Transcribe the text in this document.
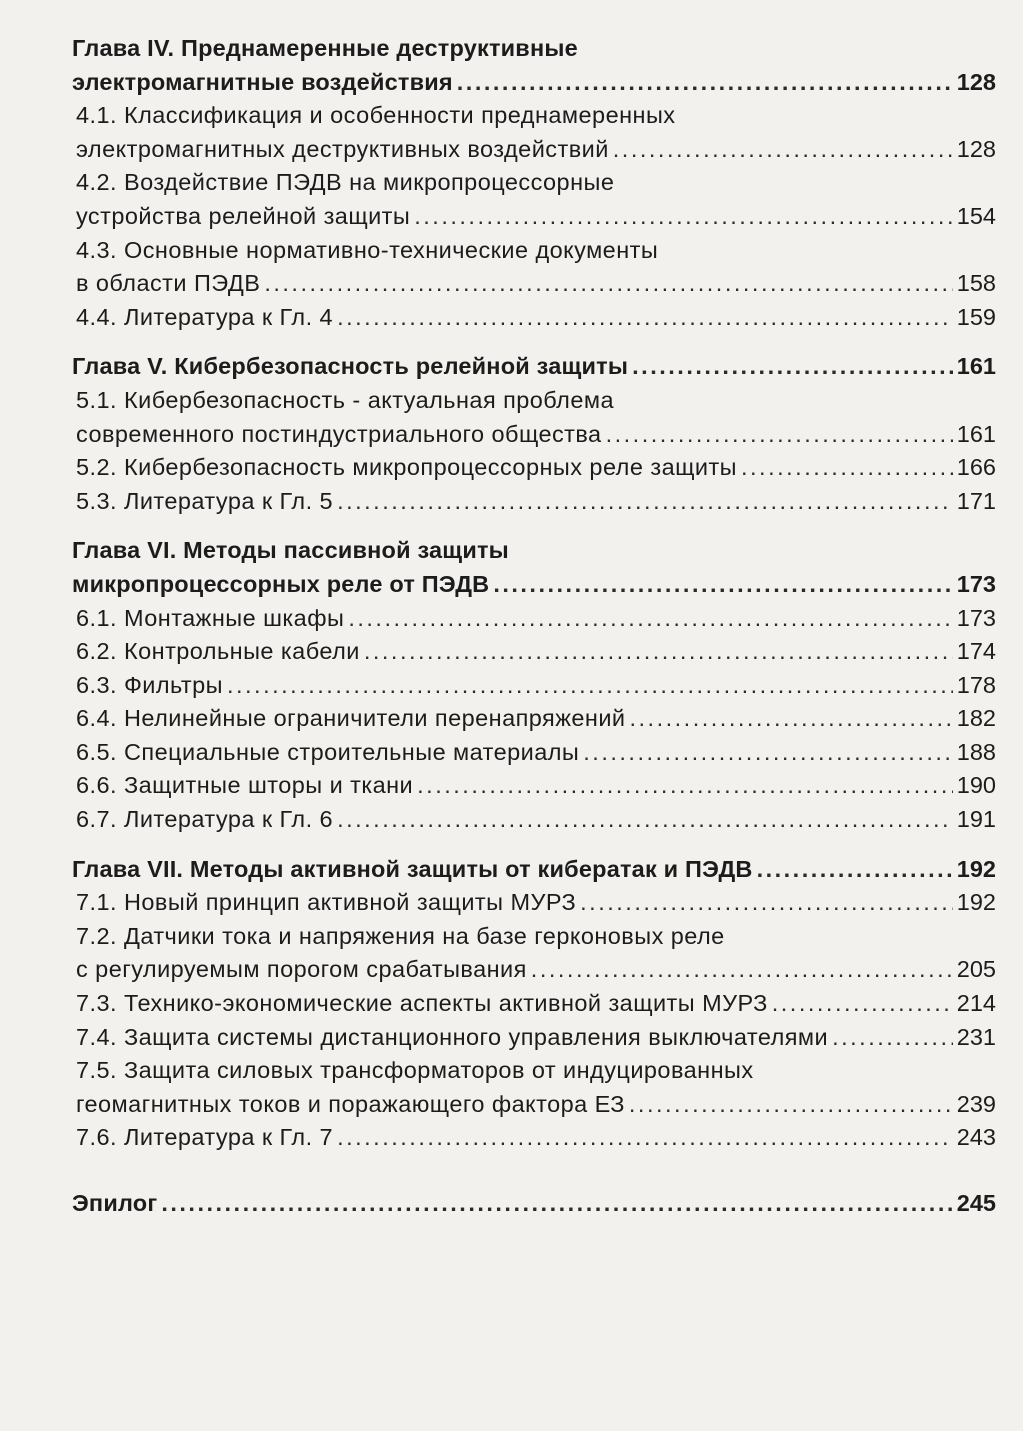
Глава IV. Преднамеренные деструктивные
электромагнитные воздействия .....	128
4.1. Классификация и особенности преднамеренных
электромагнитных деструктивных воздействий .....	128
4.2. Воздействие ПЭДВ на микропроцессорные
устройства релейной защиты .....	154
4.3. Основные нормативно-технические документы
в области ПЭДВ .....	158
4.4. Литература к Гл. 4 .....	159
Глава V. Кибербезопасность релейной защиты .....	161
5.1. Кибербезопасность - актуальная проблема
современного постиндустриального общества .....	161
5.2. Кибербезопасность микропроцессорных реле защиты .....	166
5.3. Литература к Гл. 5 .....	171
Глава VI. Методы пассивной защиты
микропроцессорных реле от ПЭДВ .....	173
6.1. Монтажные шкафы .....	173
6.2. Контрольные кабели .....	174
6.3. Фильтры .....	178
6.4. Нелинейные ограничители перенапряжений .....	182
6.5. Специальные строительные материалы .....	188
6.6. Защитные шторы и ткани .....	190
6.7. Литература к Гл. 6 .....	191
Глава VII. Методы активной защиты от кибератак и ПЭДВ .....	192
7.1. Новый принцип активной защиты МУРЗ .....	192
7.2. Датчики тока и напряжения на базе герконовых реле
с регулируемым порогом срабатывания .....	205
7.3. Технико-экономические аспекты активной защиты МУРЗ .....	214
7.4. Защита системы дистанционного управления выключателями .....	231
7.5. Защита силовых трансформаторов от индуцированных
геомагнитных токов и поражающего фактора ЕЗ .....	239
7.6. Литература к Гл. 7 .....	243
Эпилог .....	245
